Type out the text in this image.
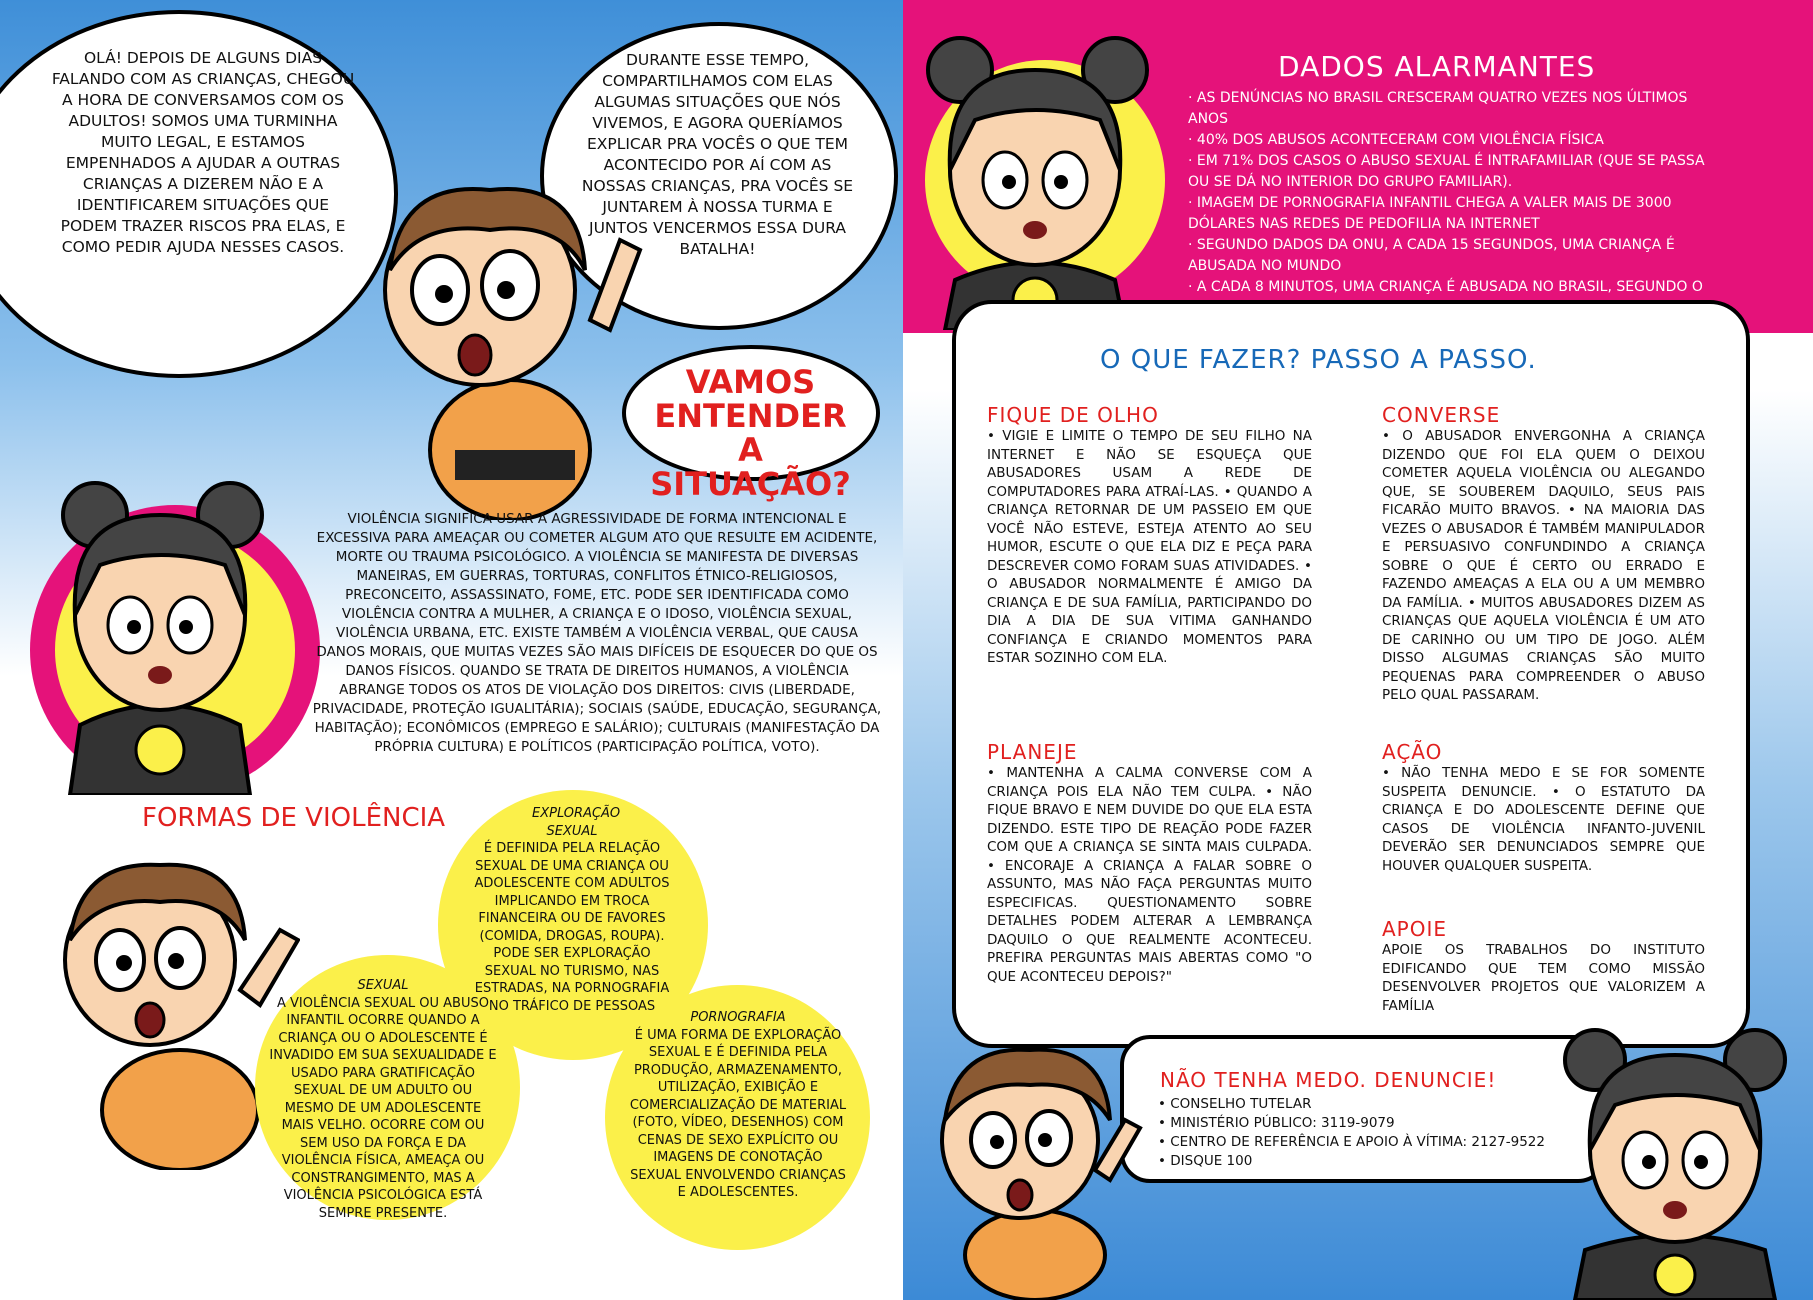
OLÁ! DEPOIS DE ALGUNS DIAS FALANDO COM AS CRIANÇAS, CHEGOU A HORA DE CONVERSAMOS COM OS ADULTOS! SOMOS UMA TURMINHA MUITO LEGAL, E ESTAMOS EMPENHADOS A AJUDAR A OUTRAS CRIANÇAS A DIZEREM NÃO E A IDENTIFICAREM SITUAÇÕES QUE PODEM TRAZER RISCOS PRA ELAS, E COMO PEDIR AJUDA NESSES CASOS.
DURANTE ESSE TEMPO, COMPARTILHAMOS COM ELAS ALGUMAS SITUAÇÕES QUE NÓS VIVEMOS, E AGORA QUERÍAMOS EXPLICAR PRA VOCÊS O QUE TEM ACONTECIDO POR AÍ COM AS NOSSAS CRIANÇAS, PRA VOCÊS SE JUNTAREM À NOSSA TURMA E JUNTOS VENCERMOS ESSA DURA BATALHA!
VAMOS ENTENDER A SITUAÇÃO?
VIOLÊNCIA SIGNIFICA USAR A AGRESSIVIDADE DE FORMA INTENCIONAL E EXCESSIVA PARA AMEAÇAR OU COMETER ALGUM ATO QUE RESULTE EM ACIDENTE, MORTE OU TRAUMA PSICOLÓGICO. A VIOLÊNCIA SE MANIFESTA DE DIVERSAS MANEIRAS, EM GUERRAS, TORTURAS, CONFLITOS ÉTNICO-RELIGIOSOS, PRECONCEITO, ASSASSINATO, FOME, ETC. PODE SER IDENTIFICADA COMO VIOLÊNCIA CONTRA A MULHER, A CRIANÇA E O IDOSO, VIOLÊNCIA SEXUAL, VIOLÊNCIA URBANA, ETC. EXISTE TAMBÉM A VIOLÊNCIA VERBAL, QUE CAUSA DANOS MORAIS, QUE MUITAS VEZES SÃO MAIS DIFÍCEIS DE ESQUECER DO QUE OS DANOS FÍSICOS. QUANDO SE TRATA DE DIREITOS HUMANOS, A VIOLÊNCIA ABRANGE TODOS OS ATOS DE VIOLAÇÃO DOS DIREITOS: CIVIS (LIBERDADE, PRIVACIDADE, PROTEÇÃO IGUALITÁRIA); SOCIAIS (SAÚDE, EDUCAÇÃO, SEGURANÇA, HABITAÇÃO); ECONÔMICOS (EMPREGO E SALÁRIO); CULTURAIS (MANIFESTAÇÃO DA PRÓPRIA CULTURA) E POLÍTICOS (PARTICIPAÇÃO POLÍTICA, VOTO).
FORMAS DE VIOLÊNCIA	EXPLORAÇÃO SEXUAL
É DEFINIDA PELA RELAÇÃO SEXUAL DE UMA CRIANÇA OU ADOLESCENTE COM ADULTOS IMPLICANDO EM TROCA FINANCEIRA OU DE FAVORES (COMIDA, DROGAS, ROUPA). PODE SER EXPLORAÇÃO SEXUAL NO TURISMO, NAS ESTRADAS, NA PORNOGRAFIA NO TRÁFICO DE PESSOAS
SEXUAL
A VIOLÊNCIA SEXUAL OU ABUSO INFANTIL OCORRE QUANDO A CRIANÇA OU O ADOLESCENTE É INVADIDO EM SUA SEXUALIDADE E USADO PARA GRATIFICAÇÃO SEXUAL DE UM ADULTO OU MESMO DE UM ADOLESCENTE MAIS VELHO. OCORRE COM OU SEM USO DA FORÇA E DA VIOLÊNCIA FÍSICA, AMEAÇA OU CONSTRANGIMENTO, MAS A VIOLÊNCIA PSICOLÓGICA ESTÁ SEMPRE PRESENTE.
PORNOGRAFIA
É UMA FORMA DE EXPLORAÇÃO SEXUAL E É DEFINIDA PELA PRODUÇÃO, ARMAZENAMENTO, UTILIZAÇÃO, EXIBIÇÃO E COMERCIALIZAÇÃO DE MATERIAL (FOTO, VÍDEO, DESENHOS) COM CENAS DE SEXO EXPLÍCITO OU IMAGENS DE CONOTAÇÃO SEXUAL ENVOLVENDO CRIANÇAS E ADOLESCENTES.
DADOS ALARMANTES
· AS DENÚNCIAS NO BRASIL CRESCERAM QUATRO VEZES NOS ÚLTIMOS ANOS
· 40% DOS ABUSOS ACONTECERAM COM VIOLÊNCIA FÍSICA
· EM 71% DOS CASOS O ABUSO SEXUAL É INTRAFAMILIAR (QUE SE PASSA OU SE DÁ NO INTERIOR DO GRUPO FAMILIAR).
· IMAGEM DE PORNOGRAFIA INFANTIL CHEGA A VALER MAIS DE 3000 DÓLARES NAS REDES DE PEDOFILIA NA INTERNET
· SEGUNDO DADOS DA ONU, A CADA 15 SEGUNDOS, UMA CRIANÇA É ABUSADA NO MUNDO
· A CADA 8 MINUTOS, UMA CRIANÇA É ABUSADA NO BRASIL, SEGUNDO O
O QUE FAZER? PASSO A PASSO.
FIQUE DE OLHO
• VIGIE E LIMITE O TEMPO DE SEU FILHO NA INTERNET E NÃO SE ESQUEÇA QUE ABUSADORES USAM A REDE DE COMPUTADORES PARA ATRAÍ-LAS. • QUANDO A CRIANÇA RETORNAR DE UM PASSEIO EM QUE VOCÊ NÃO ESTEVE, ESTEJA ATENTO AO SEU HUMOR, ESCUTE O QUE ELA DIZ E PEÇA PARA DESCREVER COMO FORAM SUAS ATIVIDADES. • O ABUSADOR NORMALMENTE É AMIGO DA CRIANÇA E DE SUA FAMÍLIA, PARTICIPANDO DO DIA A DIA DE SUA VITIMA GANHANDO CONFIANÇA E CRIANDO MOMENTOS PARA ESTAR SOZINHO COM ELA.
CONVERSE
• O ABUSADOR ENVERGONHA A CRIANÇA DIZENDO QUE FOI ELA QUEM O DEIXOU COMETER AQUELA VIOLÊNCIA OU ALEGANDO QUE, SE SOUBEREM DAQUILO, SEUS PAIS FICARÃO MUITO BRAVOS. • NA MAIORIA DAS VEZES O ABUSADOR É TAMBÉM MANIPULADOR E PERSUASIVO CONFUNDINDO A CRIANÇA SOBRE O QUE É CERTO OU ERRADO E FAZENDO AMEAÇAS A ELA OU A UM MEMBRO DA FAMÍLIA. • MUITOS ABUSADORES DIZEM AS CRIANÇAS QUE AQUELA VIOLÊNCIA É UM ATO DE CARINHO OU UM TIPO DE JOGO. ALÉM DISSO ALGUMAS CRIANÇAS SÃO MUITO PEQUENAS PARA COMPREENDER O ABUSO PELO QUAL PASSARAM.
PLANEJE
• MANTENHA A CALMA CONVERSE COM A CRIANÇA POIS ELA NÃO TEM CULPA. • NÃO FIQUE BRAVO E NEM DUVIDE DO QUE ELA ESTA DIZENDO. ESTE TIPO DE REAÇÃO PODE FAZER COM QUE A CRIANÇA SE SINTA MAIS CULPADA. • ENCORAJE A CRIANÇA A FALAR SOBRE O ASSUNTO, MAS NÃO FAÇA PERGUNTAS MUITO ESPECIFICAS. QUESTIONAMENTO SOBRE DETALHES PODEM ALTERAR A LEMBRANÇA DAQUILO O QUE REALMENTE ACONTECEU. PREFIRA PERGUNTAS MAIS ABERTAS COMO "O QUE ACONTECEU DEPOIS?"
AÇÃO
• NÃO TENHA MEDO E SE FOR SOMENTE SUSPEITA DENUNCIE. • O ESTATUTO DA CRIANÇA E DO ADOLESCENTE DEFINE QUE CASOS DE VIOLÊNCIA INFANTO-JUVENIL DEVERÃO SER DENUNCIADOS SEMPRE QUE HOUVER QUALQUER SUSPEITA.
APOIE
APOIE OS TRABALHOS DO INSTITUTO EDIFICANDO QUE TEM COMO MISSÃO DESENVOLVER PROJETOS QUE VALORIZEM A FAMÍLIA
NÃO TENHA MEDO. DENUNCIE!
• CONSELHO TUTELAR
• MINISTÉRIO PÚBLICO: 3119-9079
• CENTRO DE REFERÊNCIA E APOIO À VÍTIMA: 2127-9522
• DISQUE 100
